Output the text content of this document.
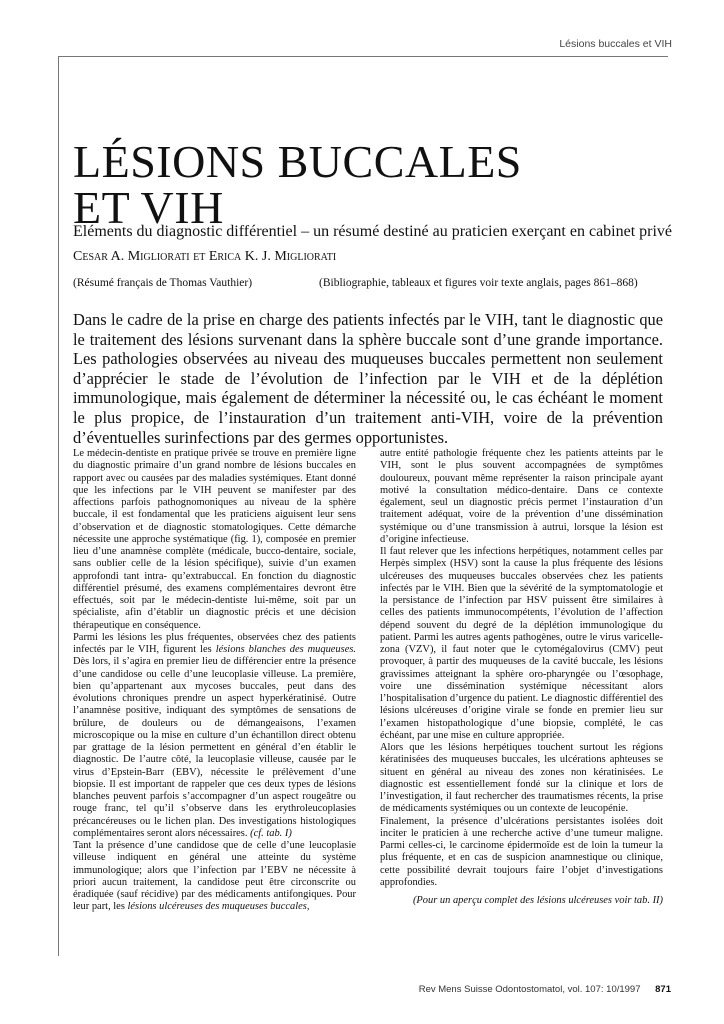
Lésions buccales et VIH
LÉSIONS BUCCALES
ET VIH
Eléments du diagnostic différentiel – un résumé destiné au praticien exerçant en cabinet privé
Cesar A. Migliorati et Erica K. J. Migliorati
(Résumé français de Thomas Vauthier)	(Bibliographie, tableaux et figures voir texte anglais, pages 861–868)
Dans le cadre de la prise en charge des patients infectés par le VIH, tant le diagnostic que le traitement des lésions survenant dans la sphère buccale sont d’une grande importance. Les pathologies observées au niveau des muqueuses buccales permettent non seulement d’apprécier le stade de l’évolution de l’infection par le VIH et de la déplétion immunologique, mais également de déterminer la nécessité ou, le cas échéant le moment le plus propice, de l’instauration d’un traitement anti-VIH, voire de la prévention d’éventuelles surinfections par des germes opportunistes.

Le médecin-dentiste en pratique privée se trouve en première ligne du diagnostic primaire d’un grand nombre de lésions buccales en rapport avec ou causées par des maladies systémiques. Etant donné que les infections par le VIH peuvent se manifester par des affections parfois pathognomoniques au niveau de la sphère buccale, il est fondamental que les praticiens aiguisent leur sens d’observation et de diagnostic stomatologiques. Cette démarche nécessite une approche systématique (fig. 1), composée en premier lieu d’une anamnèse complète (médicale, bucco-dentaire, sociale, sans oublier celle de la lésion spécifique), suivie d’un examen approfondi tant intra- qu’extrabuccal. En fonction du diagnostic différentiel présumé, des examens complémentaires devront être effectués, soit par le médecin-dentiste lui-même, soit par un spécialiste, afin d’établir un diagnostic précis et une décision thérapeutique en conséquence.

Parmi les lésions les plus fréquentes, observées chez des patients infectés par le VIH, figurent les lésions blanches des muqueuses. Dès lors, il s’agira en premier lieu de différencier entre la présence d’une candidose ou celle d’une leucoplasie villeuse. La première, bien qu’appartenant aux mycoses buccales, peut dans des évolutions chroniques prendre un aspect hyperkératinisé. Outre l’anamnèse positive, indiquant des symptômes de sensations de brûlure, de douleurs ou de démangeaisons, l’examen microscopique ou la mise en culture d’un échantillon direct obtenu par grattage de la lésion permettent en général d’en établir le diagnostic. De l’autre côté, la leucoplasie villeuse, causée par le virus d’Epstein-Barr (EBV), nécessite le prélèvement d’une biopsie. Il est important de rappeler que ces deux types de lésions blanches peuvent parfois s’accompagner d’un aspect rougeâtre ou rouge franc, tel qu’il s’observe dans les erythroleucoplasies précancéreuses ou le lichen plan. Des investigations histologiques complémentaires seront alors nécessaires. (cf. tab. I)

Tant la présence d’une candidose que de celle d’une leucoplasie villeuse indiquent en général une atteinte du système immunologique; alors que l’infection par l’EBV ne nécessite à priori aucun traitement, la candidose peut être circonscrite ou éradiquée (sauf récidive) par des médicaments antifongiques. Pour leur part, les lésions ulcéreuses des muqueuses buccales,

autre entité pathologie fréquente chez les patients atteints par le VIH, sont le plus souvent accompagnées de symptômes douloureux, pouvant même représenter la raison principale ayant motivé la consultation médico-dentaire. Dans ce contexte également, seul un diagnostic précis permet l’instauration d’un traitement adéquat, voire de la prévention d’une dissémination systémique ou d’une transmission à autrui, lorsque la lésion est d’origine infectieuse.

Il faut relever que les infections herpétiques, notamment celles par Herpès simplex (HSV) sont la cause la plus fréquente des lésions ulcéreuses des muqueuses buccales observées chez les patients infectés par le VIH. Bien que la sévérité de la symptomatologie et la persistance de l’infection par HSV puissent être similaires à celles des patients immunocompétents, l’évolution de l’affection dépend souvent du degré de la déplétion immunologique du patient. Parmi les autres agents pathogènes, outre le virus varicelle-zona (VZV), il faut noter que le cytomégalovirus (CMV) peut provoquer, à partir des muqueuses de la cavité buccale, les lésions gravissimes atteignant la sphère oro-pharyngée ou l’œsophage, voire une dissémination systémique nécessitant alors l’hospitalisation d’urgence du patient. Le diagnostic différentiel des lésions ulcéreuses d’origine virale se fonde en premier lieu sur l’examen histopathologique d’une biopsie, complété, le cas échéant, par une mise en culture appropriée.

Alors que les lésions herpétiques touchent surtout les régions kératinisées des muqueuses buccales, les ulcérations aphteuses se situent en général au niveau des zones non kératinisées. Le diagnostic est essentiellement fondé sur la clinique et lors de l’investigation, il faut rechercher des traumatismes récents, la prise de médicaments systémiques ou un contexte de leucopénie.

Finalement, la présence d’ulcérations persistantes isolées doit inciter le praticien à une recherche active d’une tumeur maligne. Parmi celles-ci, le carcinome épidermoïde est de loin la tumeur la plus fréquente, et en cas de suspicion anamnestique ou clinique, cette possibilité devrait toujours faire l’objet d’investigations approfondies.

(Pour un aperçu complet des lésions ulcéreuses voir tab. II)

Rev Mens Suisse Odontostomatol, vol. 107: 10/1997 871
